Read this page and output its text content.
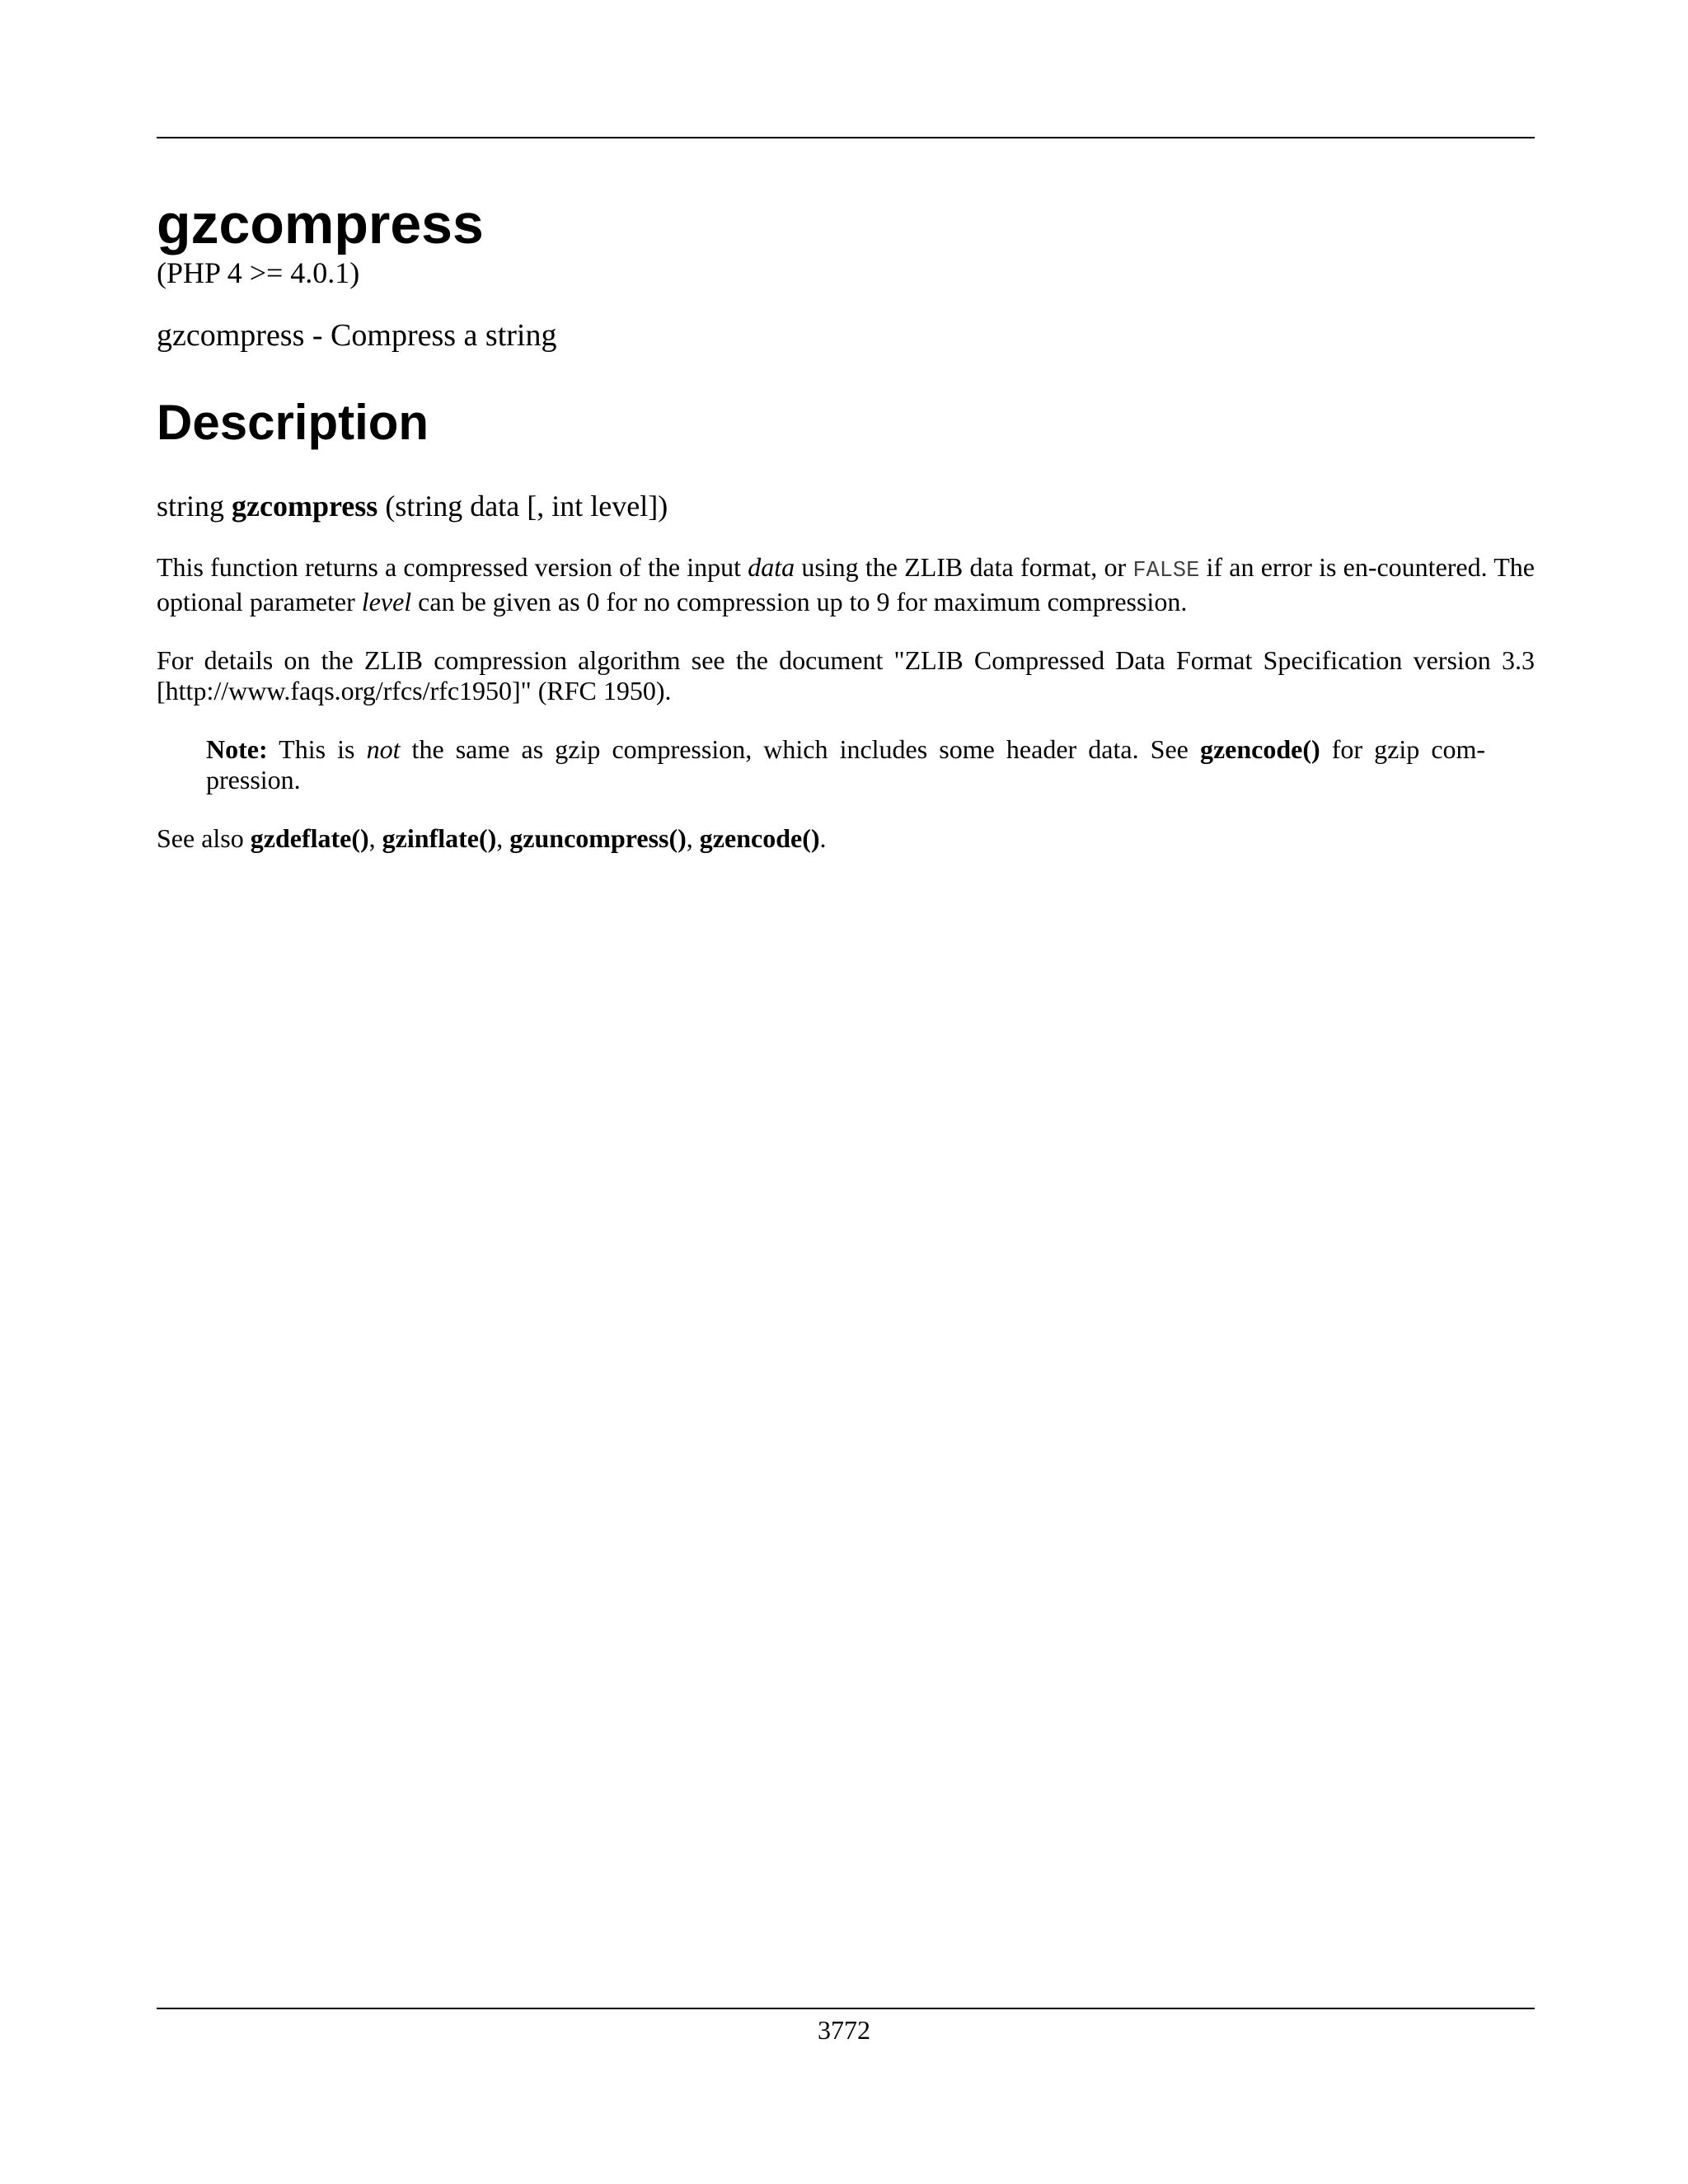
gzcompress
(PHP 4 >= 4.0.1)
gzcompress - Compress a string
Description
string gzcompress (string data [, int level])

This function returns a compressed version of the input data using the ZLIB data format, or FALSE if an error is en-countered. The optional parameter level can be given as 0 for no compression up to 9 for maximum compression.

For details on the ZLIB compression algorithm see the document "ZLIB Compressed Data Format Specification version 3.3 [http://www.faqs.org/rfcs/rfc1950]" (RFC 1950).

Note: This is not the same as gzip compression, which includes some header data. See gzencode() for gzip com-pression.

See also gzdeflate(), gzinflate(), gzuncompress(), gzencode().

3772
